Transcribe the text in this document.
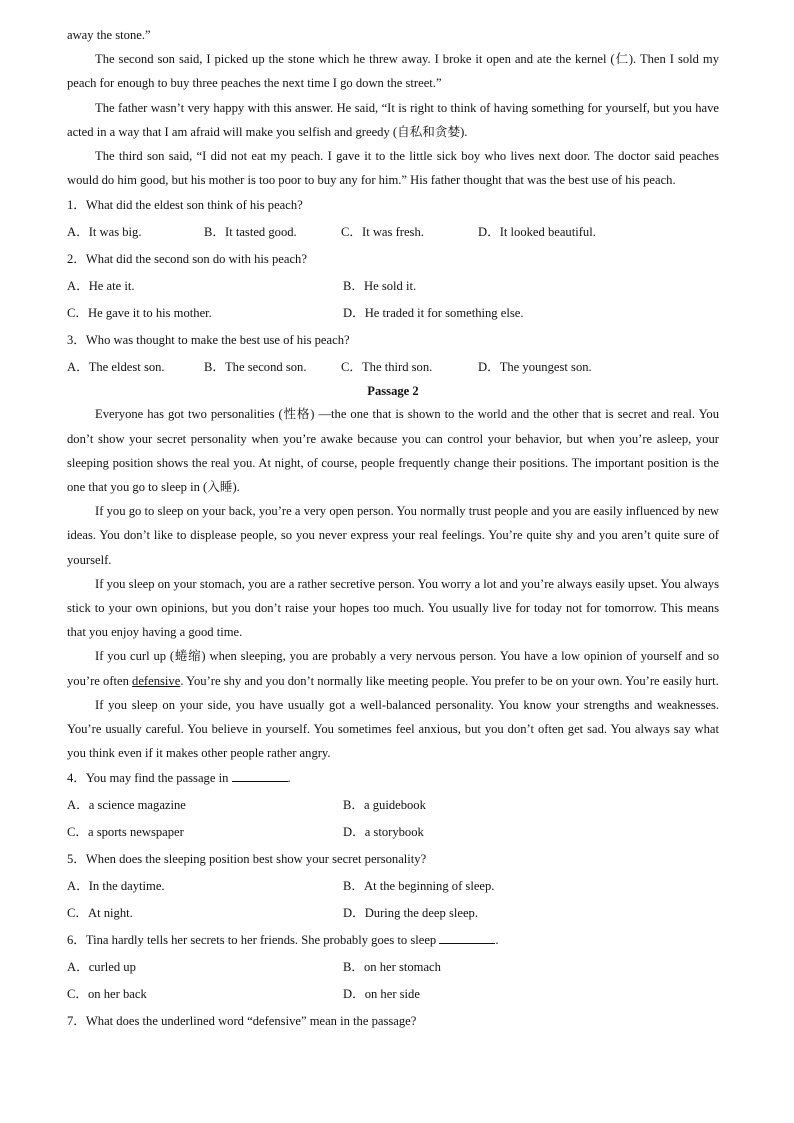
away the stone.”

The second son said, I picked up the stone which he threw away. I broke it open and ate the kernel (仁). Then I sold my peach for enough to buy three peaches the next time I go down the street.”

The father wasn’t very happy with this answer. He said, “It is right to think of having something for yourself, but you have acted in a way that I am afraid will make you selfish and greedy (自私和贪婪).

The third son said, “I did not eat my peach. I gave it to the little sick boy who lives next door. The doctor said peaches would do him good, but his mother is too poor to buy any for him.” His father thought that was the best use of his peach.

1．What did the eldest son think of his peach?

A．It was big.	B．It tasted good.	C．It was fresh.	D．It looked beautiful.

2．What did the second son do with his peach?

A．He ate it.	B．He sold it.
C．He gave it to his mother.	D．He traded it for something else.

3．Who was thought to make the best use of his peach?

A．The eldest son.	B．The second son.	C．The third son.	D．The youngest son.

Passage 2

Everyone has got two personalities (性格) —the one that is shown to the world and the other that is secret and real. You don’t show your secret personality when you’re awake because you can control your behavior, but when you’re asleep, your sleeping position shows the real you. At night, of course, people frequently change their positions. The important position is the one that you go to sleep in (入睡).

If you go to sleep on your back, you’re a very open person. You normally trust people and you are easily influenced by new ideas. You don’t like to displease people, so you never express your real feelings. You’re quite shy and you aren’t quite sure of yourself.

If you sleep on your stomach, you are a rather secretive person. You worry a lot and you’re always easily upset. You always stick to your own opinions, but you don’t raise your hopes too much. You usually live for today not for tomorrow. This means that you enjoy having a good time.

If you curl up (蜷缩) when sleeping, you are probably a very nervous person. You have a low opinion of yourself and so you’re often defensive. You’re shy and you don’t normally like meeting people. You prefer to be on your own. You’re easily hurt.

If you sleep on your side, you have usually got a well-balanced personality. You know your strengths and weaknesses. You’re usually careful. You believe in yourself. You sometimes feel anxious, but you don’t often get sad. You always say what you think even if it makes other people rather angry.

4．You may find the passage in	.

A．a science magazine	B．a guidebook
C．a sports newspaper	D．a storybook

5．When does the sleeping position best show your secret personality?

A．In the daytime.	B．At the beginning of sleep.
C．At night.	D．During the deep sleep.

6．Tina hardly tells her secrets to her friends. She probably goes to sleep	.

A．curled up	B．on her stomach
C．on her back	D．on her side

7．What does the underlined word “defensive” mean in the passage?
